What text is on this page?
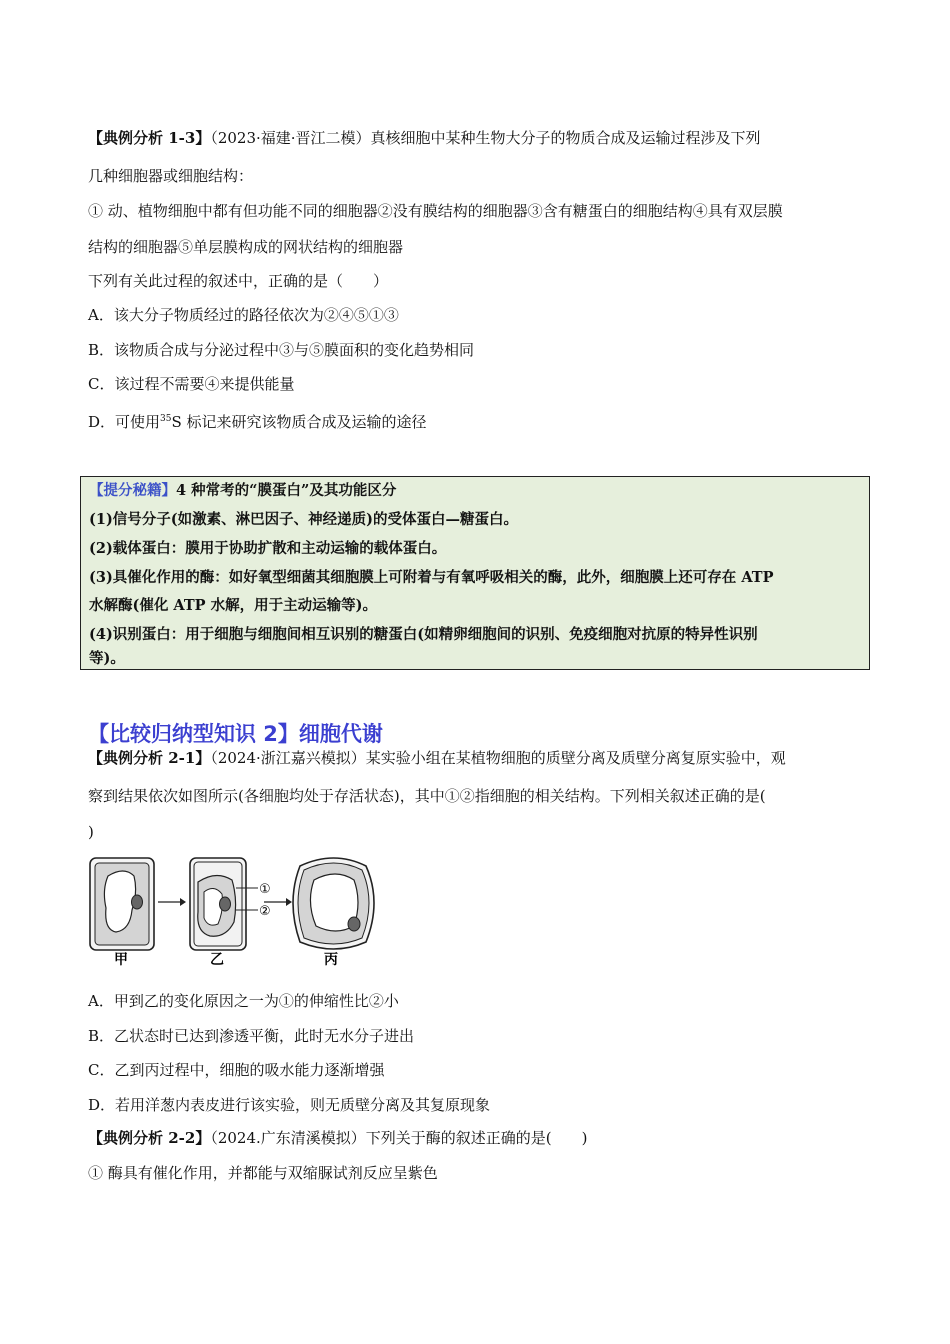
【典例分析 1-3】（2023·福建·晋江二模）真核细胞中某种生物大分子的物质合成及运输过程涉及下列
几种细胞器或细胞结构：
① 动、植物细胞中都有但功能不同的细胞器②没有膜结构的细胞器③含有糖蛋白的细胞结构④具有双层膜
结构的细胞器⑤单层膜构成的网状结构的细胞器
下列有关此过程的叙述中，正确的是（　　）
A．该大分子物质经过的路径依次为②④⑤①③
B．该物质合成与分泌过程中③与⑤膜面积的变化趋势相同
C．该过程不需要④来提供能量
D．可使用$^{35}$S 标记来研究该物质合成及运输的途径
【提分秘籍】4 种常考的“膜蛋白”及其功能区分
(1)信号分子(如激素、淋巴因子、神经递质)的受体蛋白—糖蛋白。
(2)载体蛋白：膜用于协助扩散和主动运输的载体蛋白。
(3)具催化作用的酶：如好氧型细菌其细胞膜上可附着与有氧呼吸相关的酶，此外，细胞膜上还可存在 ATP
水解酶(催化 ATP 水解，用于主动运输等)。
(4)识别蛋白：用于细胞与细胞间相互识别的糖蛋白(如精卵细胞间的识别、免疫细胞对抗原的特异性识别
等)。
【比较归纳型知识 2】细胞代谢
【典例分析 2-1】（2024·浙江嘉兴模拟）某实验小组在某植物细胞的质壁分离及质壁分离复原实验中，观
察到结果依次如图所示(各细胞均处于存活状态)，其中①②指细胞的相关结构。下列相关叙述正确的是(
)
①
②
甲	乙	丙
A．甲到乙的变化原因之一为①的伸缩性比②小
B．乙状态时已达到渗透平衡，此时无水分子进出
C．乙到丙过程中，细胞的吸水能力逐渐增强
D．若用洋葱内表皮进行该实验，则无质壁分离及其复原现象
【典例分析 2-2】（2024.广东清溪模拟）下列关于酶的叙述正确的是(　　)
① 酶具有催化作用，并都能与双缩脲试剂反应呈紫色
